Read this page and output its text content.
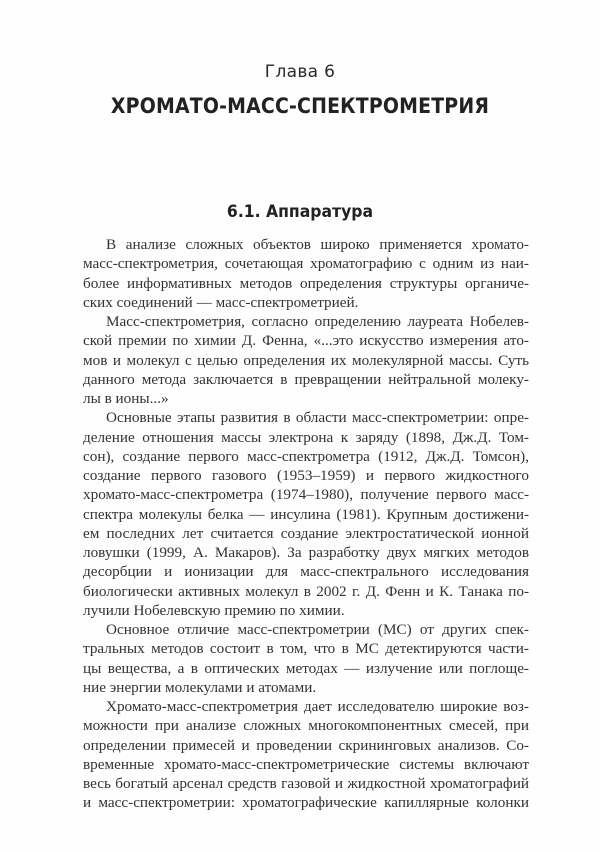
Глава 6
ХРОМАТО-МАСС-СПЕКТРОМЕТРИЯ
6.1. Аппаратура
В анализе сложных объектов широко применяется хромато-
масс-спектрометрия, сочетающая хроматографию с одним из наи-
более информативных методов определения структуры органиче-
ских соединений — масс-спектрометрией.
Масс-спектрометрия, согласно определению лауреата Нобелев-
ской премии по химии Д. Фенна, «...это искусство измерения ато-
мов и молекул с целью определения их молекулярной массы. Суть
данного метода заключается в превращении нейтральной молеку-
лы в ионы...»
Основные этапы развития в области масс-спектрометрии: опре-
деление отношения массы электрона к заряду (1898, Дж.Д. Том-
сон), создание первого масс-спектрометра (1912, Дж.Д. Томсон),
создание первого газового (1953–1959) и первого жидкостного
хромато-масс-спектрометра (1974–1980), получение первого масс-
спектра молекулы белка — инсулина (1981). Крупным достижени-
ем последних лет считается создание электростатической ионной
ловушки (1999, А. Макаров). За разработку двух мягких методов
десорбции и ионизации для масс-спектрального исследования
биологически активных молекул в 2002 г. Д. Фенн и К. Танака по-
лучили Нобелевскую премию по химии.
Основное отличие масс-спектрометрии (МС) от других спек-
тральных методов состоит в том, что в МС детектируются части-
цы вещества, а в оптических методах — излучение или поглоще-
ние энергии молекулами и атомами.
Хромато-масс-спектрометрия дает исследователю широкие воз-
можности при анализе сложных многокомпонентных смесей, при
определении примесей и проведении скрининговых анализов. Со-
временные хромато-масс-спектрометрические системы включают
весь богатый арсенал средств газовой и жидкостной хроматографий
и масс-спектрометрии: хроматографические капиллярные колонки
